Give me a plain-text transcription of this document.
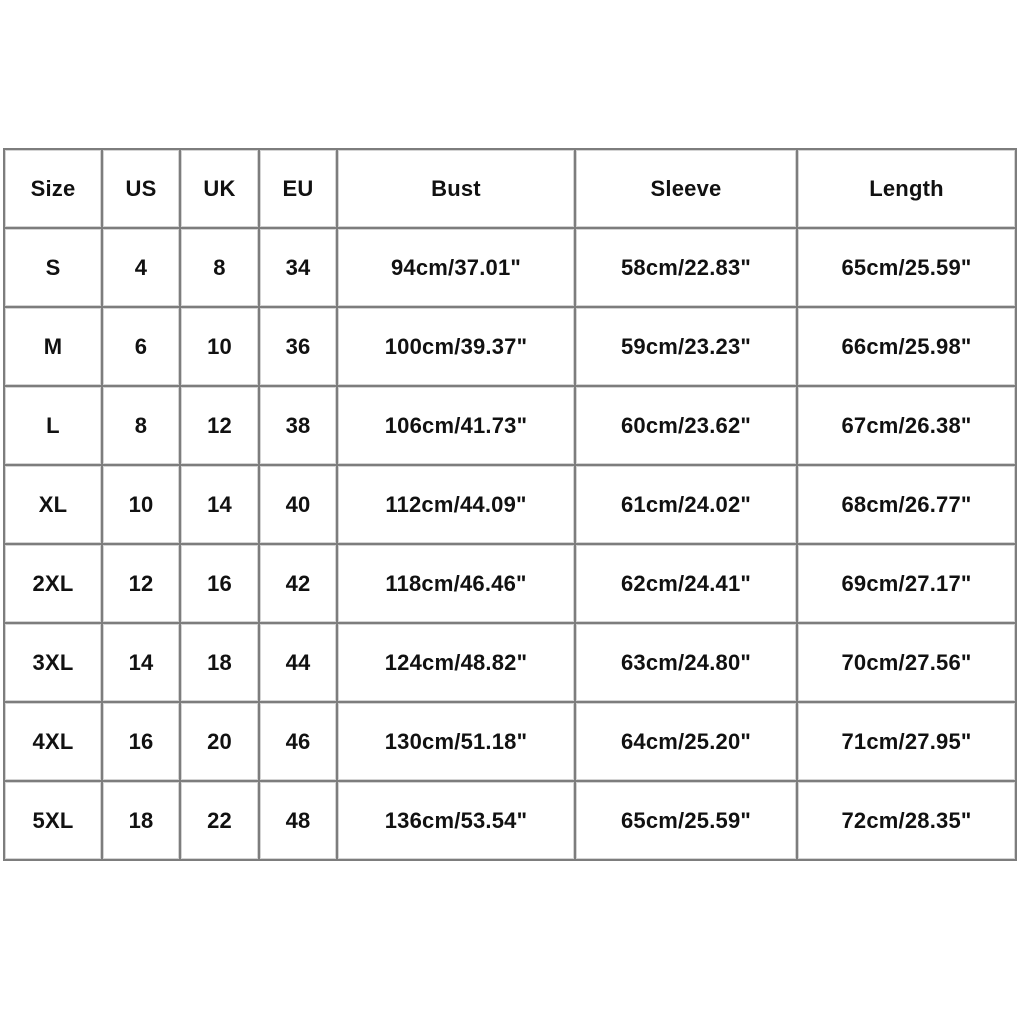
Size	US	UK	EU	Bust	Sleeve	Length
S	4	8	34	94cm/37.01"	58cm/22.83"	65cm/25.59"
M	6	10	36	100cm/39.37"	59cm/23.23"	66cm/25.98"
L	8	12	38	106cm/41.73"	60cm/23.62"	67cm/26.38"
XL	10	14	40	112cm/44.09"	61cm/24.02"	68cm/26.77"
2XL	12	16	42	118cm/46.46"	62cm/24.41"	69cm/27.17"
3XL	14	18	44	124cm/48.82"	63cm/24.80"	70cm/27.56"
4XL	16	20	46	130cm/51.18"	64cm/25.20"	71cm/27.95"
5XL	18	22	48	136cm/53.54"	65cm/25.59"	72cm/28.35"
